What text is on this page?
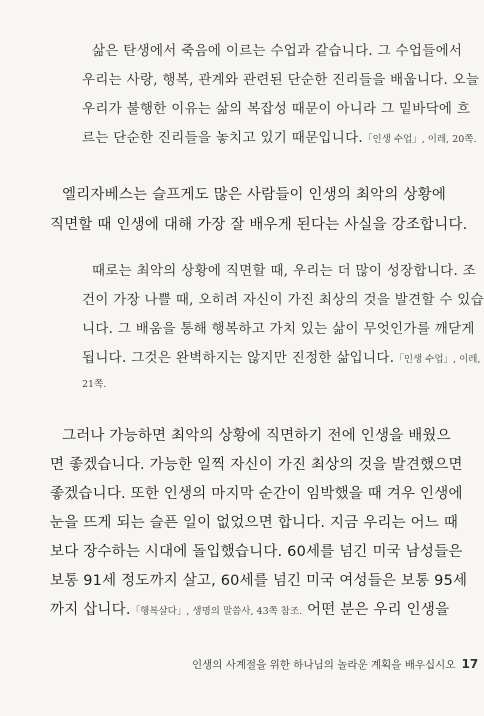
삶은 탄생에서 죽음에 이르는 수업과 같습니다. 그 수업들에서
우리는 사랑, 행복, 관계와 관련된 단순한 진리들을 배웁니다. 오늘
우리가 불행한 이유는 삶의 복잡성 때문이 아니라 그 밑바닥에 흐
르는 단순한 진리들을 놓치고 있기 때문입니다.「인생 수업」, 이레, 20쪽.
엘리자베스는 슬프게도 많은 사람들이 인생의 최악의 상황에
직면할 때 인생에 대해 가장 잘 배우게 된다는 사실을 강조합니다.
때로는 최악의 상황에 직면할 때, 우리는 더 많이 성장합니다. 조
건이 가장 나쁠 때, 오히려 자신이 가진 최상의 것을 발견할 수 있습
니다. 그 배움을 통해 행복하고 가치 있는 삶이 무엇인가를 깨닫게
됩니다. 그것은 완벽하지는 않지만 진정한 삶입니다.「인생 수업」, 이레,
21쪽.
그러나 가능하면 최악의 상황에 직면하기 전에 인생을 배웠으
면 좋겠습니다. 가능한 일찍 자신이 가진 최상의 것을 발견했으면
좋겠습니다. 또한 인생의 마지막 순간이 임박했을 때 겨우 인생에
눈을 뜨게 되는 슬픈 일이 없었으면 합니다. 지금 우리는 어느 때
보다 장수하는 시대에 돌입했습니다. 60세를 넘긴 미국 남성들은
보통 91세 정도까지 살고, 60세를 넘긴 미국 여성들은 보통 95세
까지 삽니다.「행복살다」, 생명의 말씀사, 43쪽 참조. 어떤 분은 우리 인생을
인생의 사계절을 위한 하나님의 놀라운 계획을 배우십시오 17
